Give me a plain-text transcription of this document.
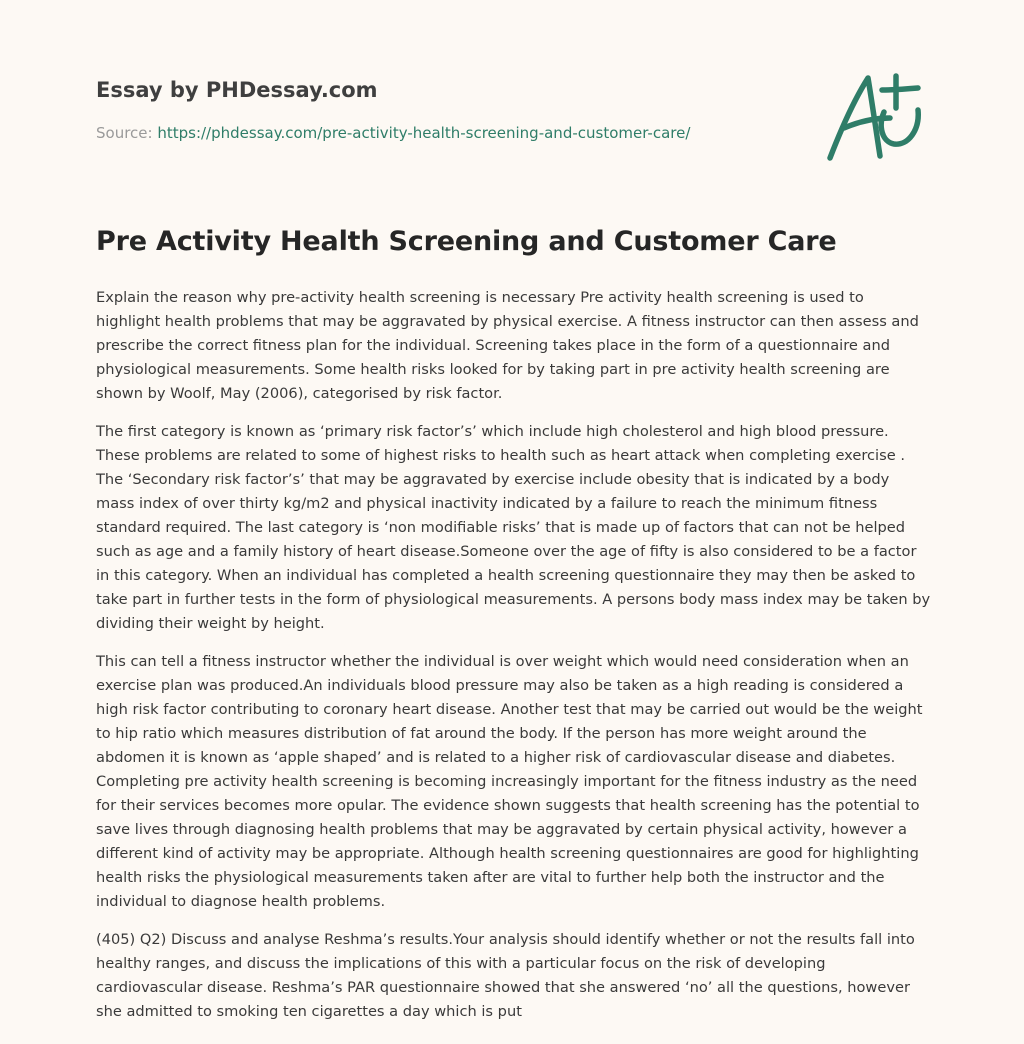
Essay by PHDessay.com
Source: https://phdessay.com/pre-activity-health-screening-and-customer-care/
Pre Activity Health Screening and Customer Care

Explain the reason why pre-activity health screening is necessary Pre activity health screening is used to highlight health problems that may be aggravated by physical exercise. A fitness instructor can then assess and prescribe the correct fitness plan for the individual. Screening takes place in the form of a questionnaire and physiological measurements. Some health risks looked for by taking part in pre activity health screening are shown by Woolf, May (2006), categorised by risk factor.

The first category is known as ‘primary risk factor’s’ which include high cholesterol and high blood pressure. These problems are related to some of highest risks to health such as heart attack when completing exercise . The ‘Secondary risk factor’s’ that may be aggravated by exercise include obesity that is indicated by a body mass index of over thirty kg/m2 and physical inactivity indicated by a failure to reach the minimum fitness standard required. The last category is ‘non modifiable risks’ that is made up of factors that can not be helped such as age and a family history of heart disease.Someone over the age of fifty is also considered to be a factor in this category. When an individual has completed a health screening questionnaire they may then be asked to take part in further tests in the form of physiological measurements. A persons body mass index may be taken by dividing their weight by height.

This can tell a fitness instructor whether the individual is over weight which would need consideration when an exercise plan was produced.An individuals blood pressure may also be taken as a high reading is considered a high risk factor contributing to coronary heart disease. Another test that may be carried out would be the weight to hip ratio which measures distribution of fat around the body. If the person has more weight around the abdomen it is known as ‘apple shaped’ and is related to a higher risk of cardiovascular disease and diabetes. Completing pre activity health screening is becoming increasingly important for the fitness industry as the need for their services becomes more opular. The evidence shown suggests that health screening has the potential to save lives through diagnosing health problems that may be aggravated by certain physical activity, however a different kind of activity may be appropriate. Although health screening questionnaires are good for highlighting health risks the physiological measurements taken after are vital to further help both the instructor and the individual to diagnose health problems.

(405) Q2) Discuss and analyse Reshma’s results.Your analysis should identify whether or not the results fall into healthy ranges, and discuss the implications of this with a particular focus on the risk of developing cardiovascular disease. Reshma’s PAR questionnaire showed that she answered ‘no’ all the questions, however she admitted to smoking ten cigarettes a day which is put
